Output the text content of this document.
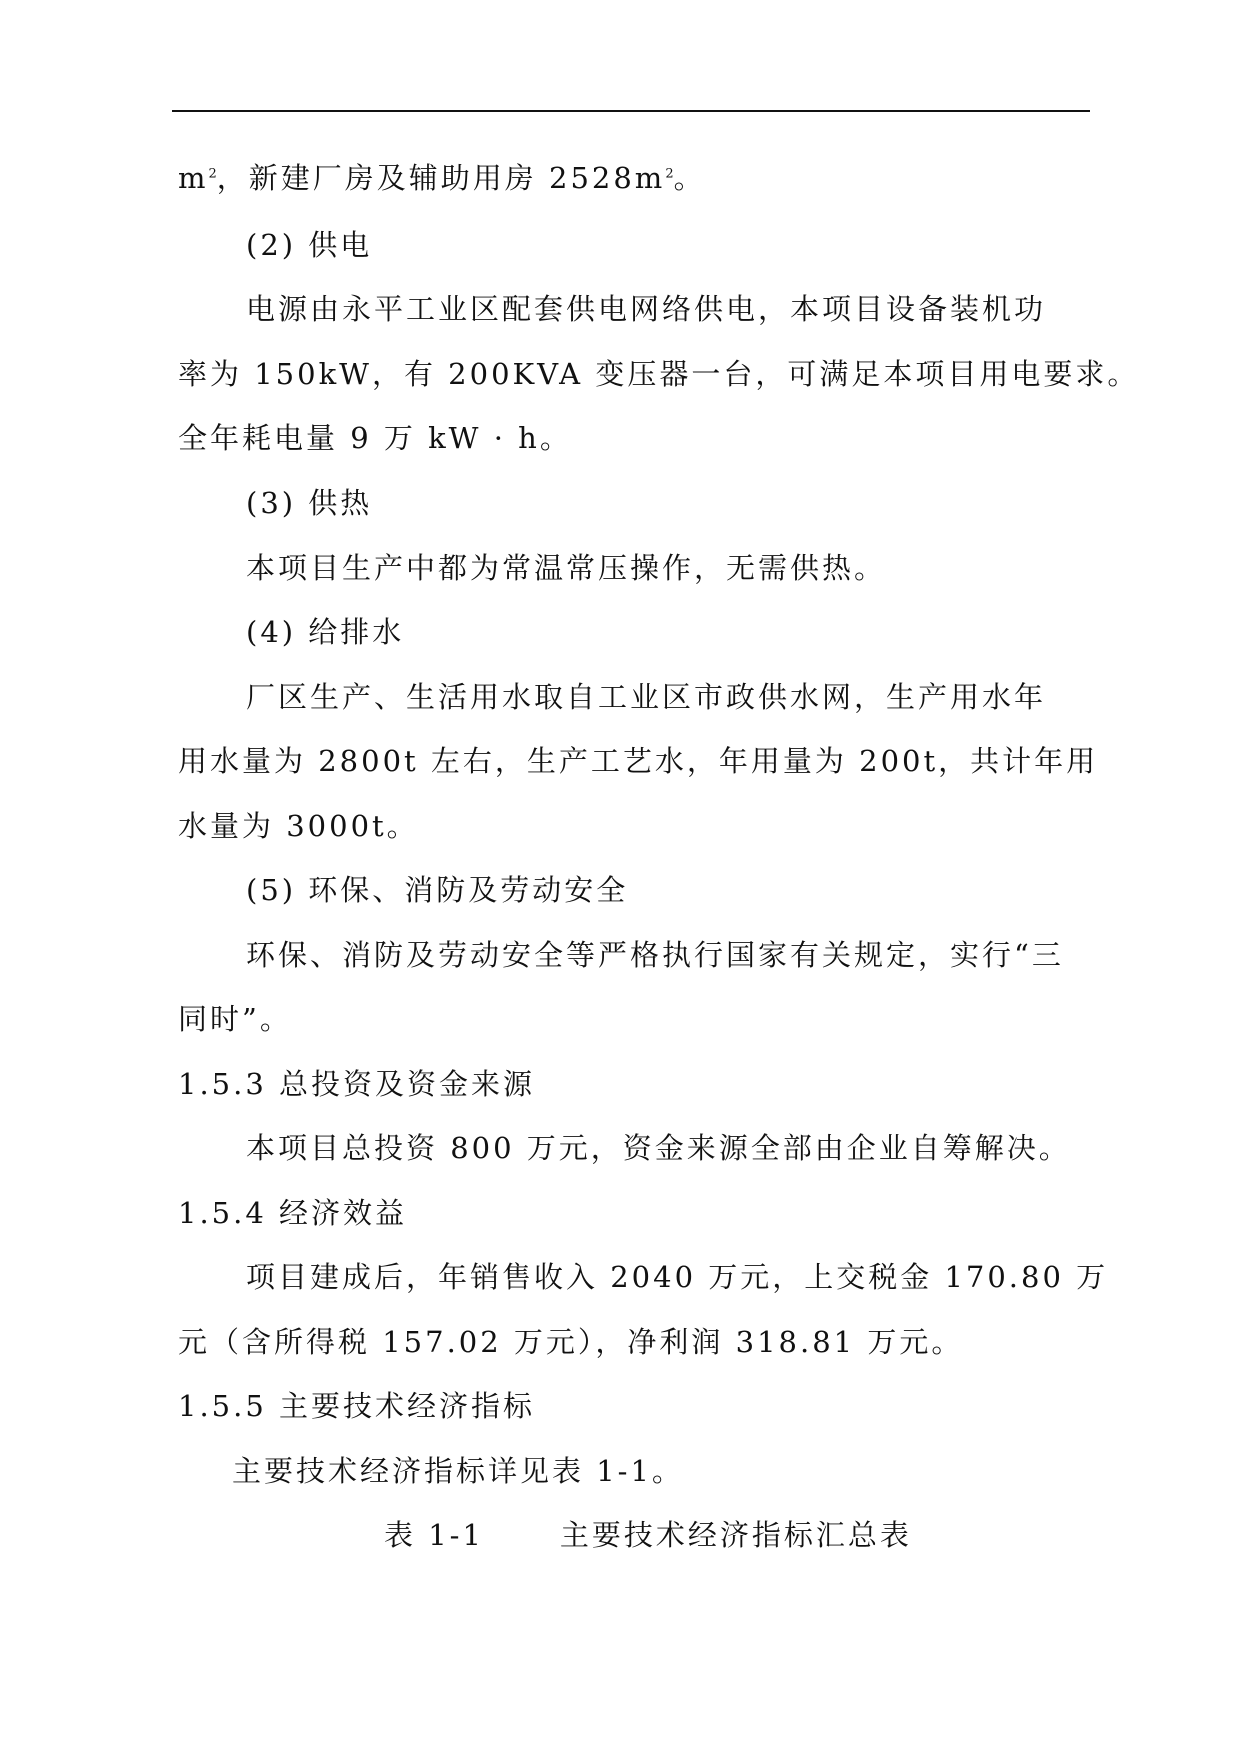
$m^2$，新建厂房及辅助用房 $2528m^2$。
(2) 供电
电源由永平工业区配套供电网络供电，本项目设备装机功
率为 150kW，有 200KVA 变压器一台，可满足本项目用电要求。
全年耗电量 9 万 kW · h。
(3) 供热
本项目生产中都为常温常压操作，无需供热。
(4) 给排水
厂区生产、生活用水取自工业区市政供水网，生产用水年
用水量为 2800t 左右，生产工艺水，年用量为 200t，共计年用
水量为 3000t。
(5) 环保、消防及劳动安全
环保、消防及劳动安全等严格执行国家有关规定，实行“三
同时”。
1.5.3 总投资及资金来源
本项目总投资 800 万元，资金来源全部由企业自筹解决。
1.5.4 经济效益
项目建成后，年销售收入 2040 万元，上交税金 170.80 万
元（含所得税 157.02 万元），净利润 318.81 万元。
1.5.5 主要技术经济指标
主要技术经济指标详见表 1-1。
表 1-1	主要技术经济指标汇总表
